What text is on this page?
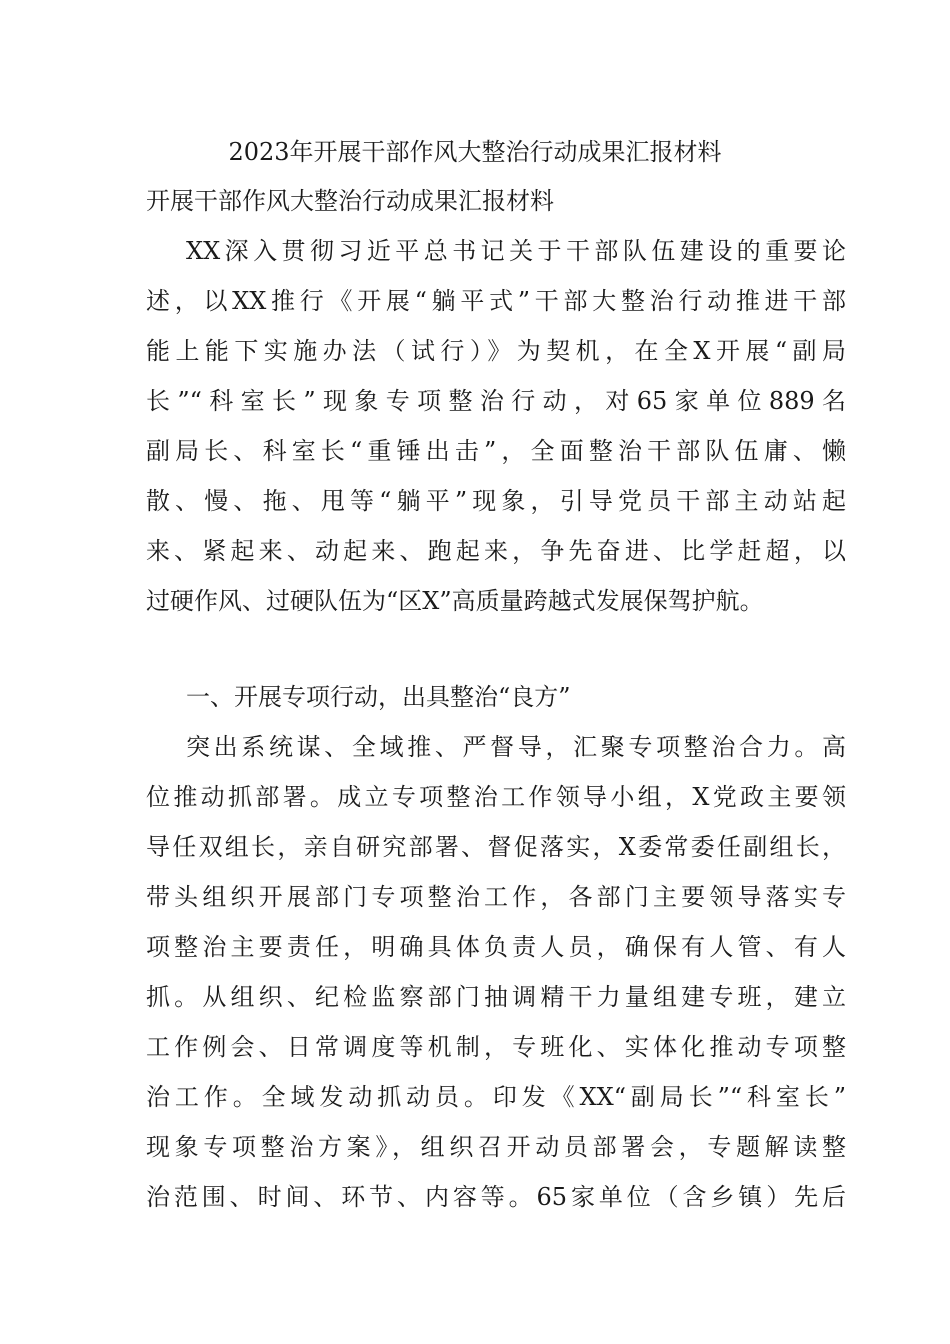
2023年开展干部作风大整治行动成果汇报材料
开展干部作风大整治行动成果汇报材料
XX深入贯彻习近平总书记关于干部队伍建设的重要论
述，以XX推行《开展“躺平式”干部大整治行动推进干部
能上能下实施办法（试行）》为契机，在全X开展“副局
长”“科室长”现象专项整治行动，对65家单位889名
副局长、科室长“重锤出击”，全面整治干部队伍庸、懒
散、慢、拖、甩等“躺平”现象，引导党员干部主动站起
来、紧起来、动起来、跑起来，争先奋进、比学赶超，以
过硬作风、过硬队伍为“区X”高质量跨越式发展保驾护航。
一、开展专项行动，出具整治“良方”
突出系统谋、全域推、严督导，汇聚专项整治合力。高
位推动抓部署。成立专项整治工作领导小组，X党政主要领
导任双组长，亲自研究部署、督促落实，X委常委任副组长，
带头组织开展部门专项整治工作，各部门主要领导落实专
项整治主要责任，明确具体负责人员，确保有人管、有人
抓。从组织、纪检监察部门抽调精干力量组建专班，建立
工作例会、日常调度等机制，专班化、实体化推动专项整
治工作。全域发动抓动员。印发《XX“副局长”“科室长”
现象专项整治方案》，组织召开动员部署会，专题解读整
治范围、时间、环节、内容等。65家单位（含乡镇）先后
